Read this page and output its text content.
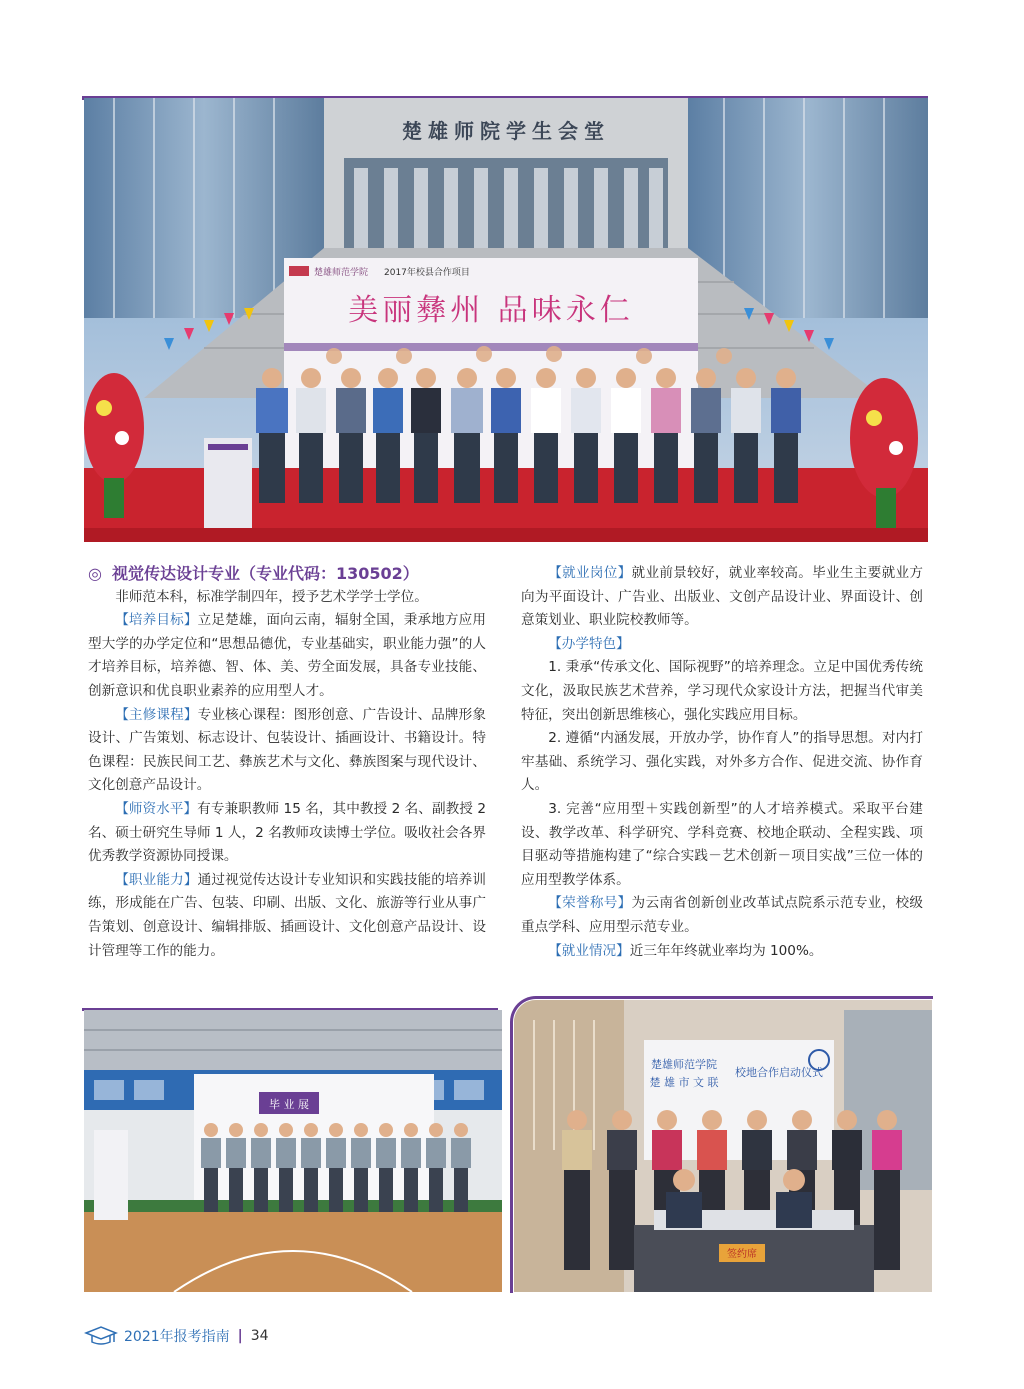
楚雄师院学生会堂
楚雄师范学院 2017年校县合作项目
美丽彝州 品味永仁

◎ 视觉传达设计专业（专业代码：130502）

非师范本科，标准学制四年，授予艺术学学士学位。

【培养目标】立足楚雄，面向云南，辐射全国，秉承地方应用型大学的办学定位和“思想品德优，专业基础实，职业能力强”的人才培养目标，培养德、智、体、美、劳全面发展，具备专业技能、创新意识和优良职业素养的应用型人才。

【主修课程】专业核心课程：图形创意、广告设计、品牌形象设计、广告策划、标志设计、包装设计、插画设计、书籍设计。特色课程：民族民间工艺、彝族艺术与文化、彝族图案与现代设计、文化创意产品设计。

【师资水平】有专兼职教师 15 名，其中教授 2 名、副教授 2 名、硕士研究生导师 1 人，2 名教师攻读博士学位。吸收社会各界优秀教学资源协同授课。

【职业能力】通过视觉传达设计专业知识和实践技能的培养训练，形成能在广告、包装、印刷、出版、文化、旅游等行业从事广告策划、创意设计、编辑排版、插画设计、文化创意产品设计、设计管理等工作的能力。

【就业岗位】就业前景较好，就业率较高。毕业生主要就业方向为平面设计、广告业、出版业、文创产品设计业、界面设计、创意策划业、职业院校教师等。

【办学特色】

1. 秉承“传承文化、国际视野”的培养理念。立足中国优秀传统文化，汲取民族艺术营养，学习现代众家设计方法，把握当代审美特征，突出创新思维核心，强化实践应用目标。

2. 遵循“内涵发展，开放办学，协作育人”的指导思想。对内打牢基础、系统学习、强化实践，对外多方合作、促进交流、协作育人。

3. 完善“应用型＋实践创新型”的人才培养模式。采取平台建设、教学改革、科学研究、学科竞赛、校地企联动、全程实践、项目驱动等措施构建了“综合实践－艺术创新－项目实战”三位一体的应用型教学体系。

【荣誉称号】为云南省创新创业改革试点院系示范专业，校级重点学科、应用型示范专业。

【就业情况】近三年年终就业率均为 100%。

毕 业 展
楚雄师范学院
楚 雄 市 文 联
校地合作启动仪式
签约席
2021年报考指南 | 34
